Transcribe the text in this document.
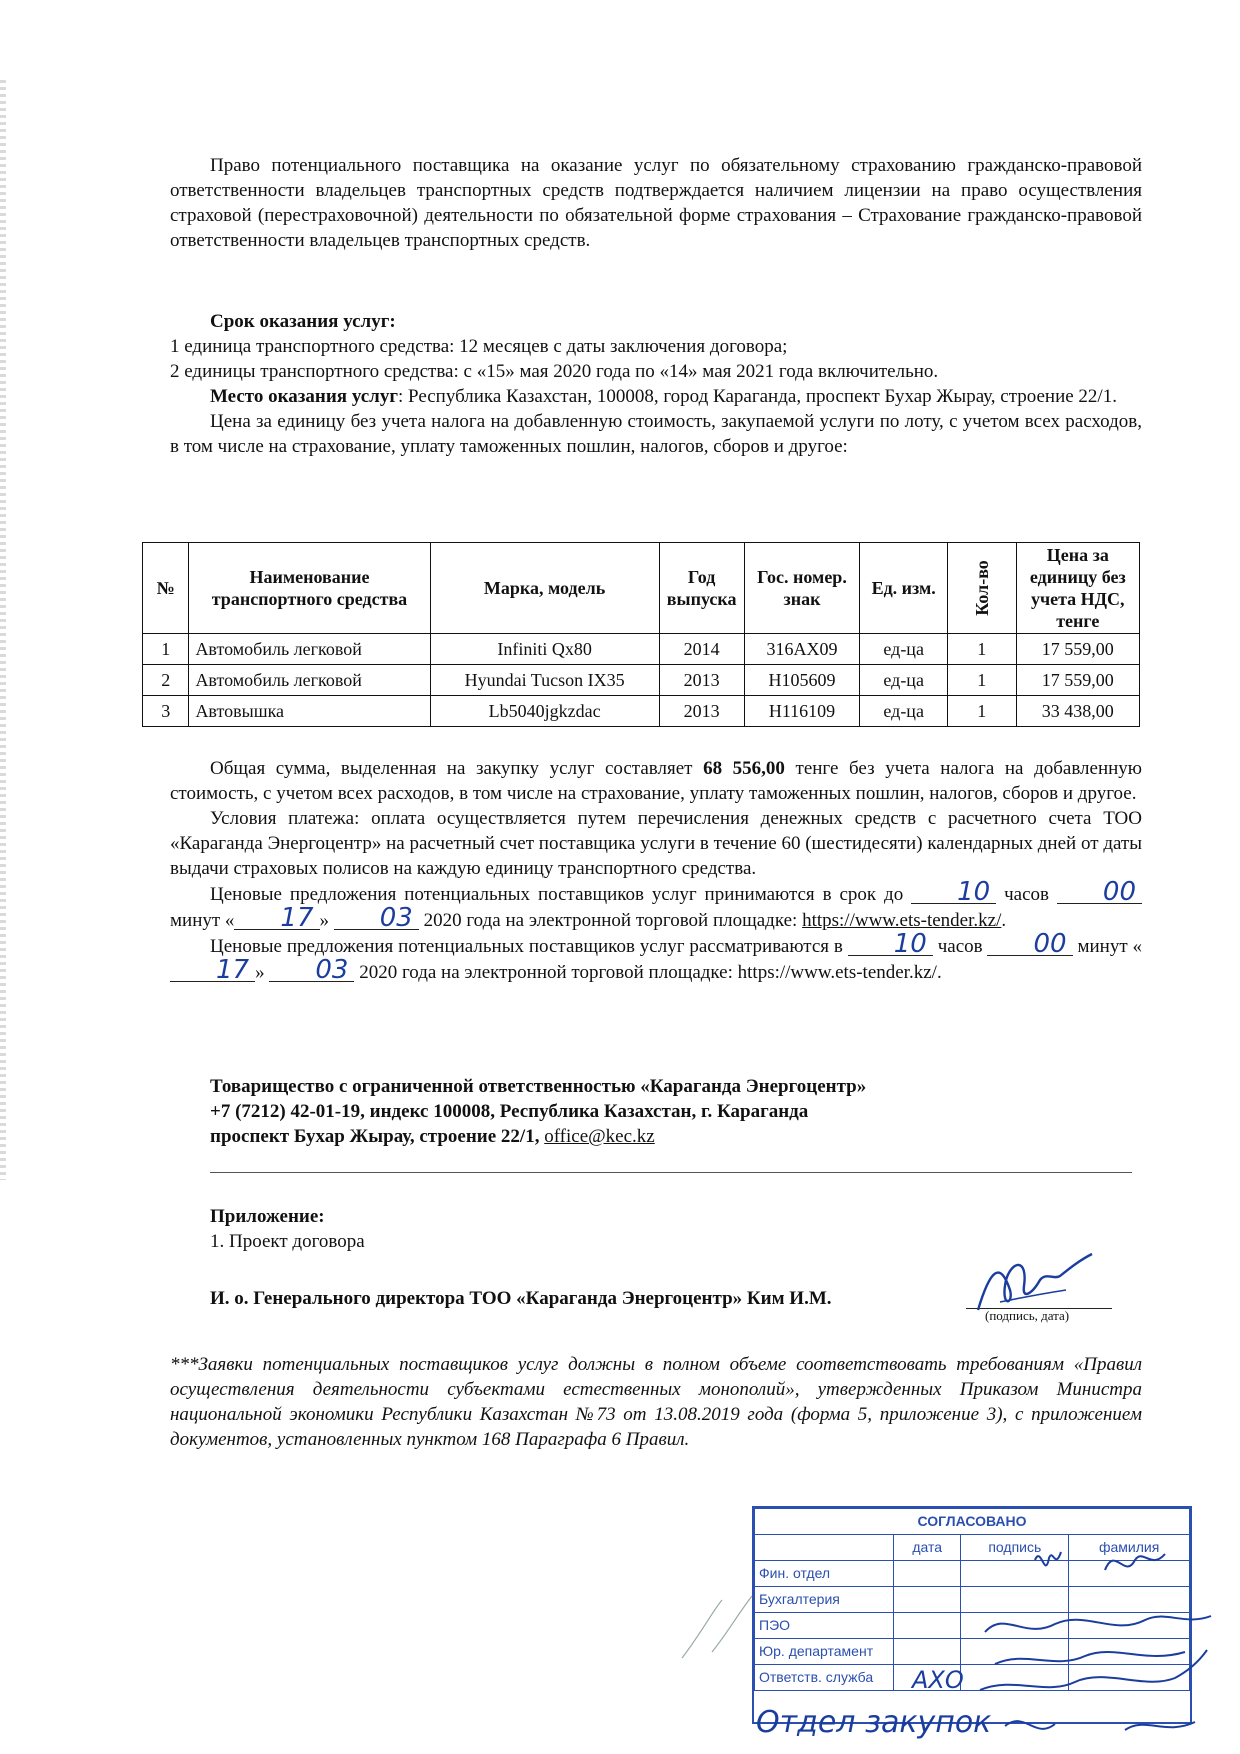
Право потенциального поставщика на оказание услуг по обязательному страхованию гражданско-правовой ответственности владельцев транспортных средств подтверждается наличием лицензии на право осуществления страховой (перестраховочной) деятельности по обязательной форме страхования – Страхование гражданско-правовой ответственности владельцев транспортных средств.

Срок оказания услуг:

1 единица транспортного средства: 12 месяцев с даты заключения договора;

2 единицы транспортного средства: с «15» мая 2020 года по «14» мая 2021 года включительно.

Место оказания услуг: Республика Казахстан, 100008, город Караганда, проспект Бухар Жырау, строение 22/1.

Цена за единицу без учета налога на добавленную стоимость, закупаемой услуги по лоту, с учетом всех расходов, в том числе на страхование, уплату таможенных пошлин, налогов, сборов и другое:

№	Наименование транспортного средства	Марка, модель	Год выпуска	Гос. номер. знак	Ед. изм.	Кол-во	Цена за единицу без учета НДС, тенге
1	Автомобиль легковой	Infiniti Qx80	2014	316AX09	ед-ца	1	17 559,00
2	Автомобиль легковой	Hyundai Tucson IX35	2013	H105609	ед-ца	1	17 559,00
3	Автовышка	Lb5040jgkzdac	2013	H116109	ед-ца	1	33 438,00

Общая сумма, выделенная на закупку услуг составляет 68 556,00 тенге без учета налога на добавленную стоимость, с учетом всех расходов, в том числе на страхование, уплату таможенных пошлин, налогов, сборов и другое.

Условия платежа: оплата осуществляется путем перечисления денежных средств с расчетного счета ТОО «Караганда Энергоцентр» на расчетный счет поставщика услуги в течение 60 (шестидесяти) календарных дней от даты выдачи страховых полисов на каждую единицу транспортного средства.

Ценовые предложения потенциальных поставщиков услуг принимаются в срок до 10 часов 00 минут « 17 » 03 2020 года на электронной торговой площадке: https://www.ets-tender.kz/.

Ценовые предложения потенциальных поставщиков услуг рассматриваются в 10 часов 00 минут «17 » 03 2020 года на электронной торговой площадке: https://www.ets-tender.kz/.

Товарищество с ограниченной ответственностью «Караганда Энергоцентр»

+7 (7212) 42-01-19, индекс 100008, Республика Казахстан, г. Караганда

проспект Бухар Жырау, строение 22/1, office@kec.kz

Приложение:

1. Проект договора

И. о. Генерального директора ТОО «Караганда Энергоцентр» Ким И.М.
(подпись, дата)

***Заявки потенциальных поставщиков услуг должны в полном объеме соответствовать требованиям «Правил осуществления деятельности субъектами естественных монополий», утвержденных Приказом Министра национальной экономики Республики Казахстан №73 от 13.08.2019 года (форма 5, приложение 3), с приложением документов, установленных пунктом 168 Параграфа 6 Правил.

СОГЛАСОВАНО			
	дата	подпись	фамилия
Фин. отдел			
Бухгалтерия			
ПЭО			
Юр. департамент			
Ответств. служба			АХО
Отдел закупок
